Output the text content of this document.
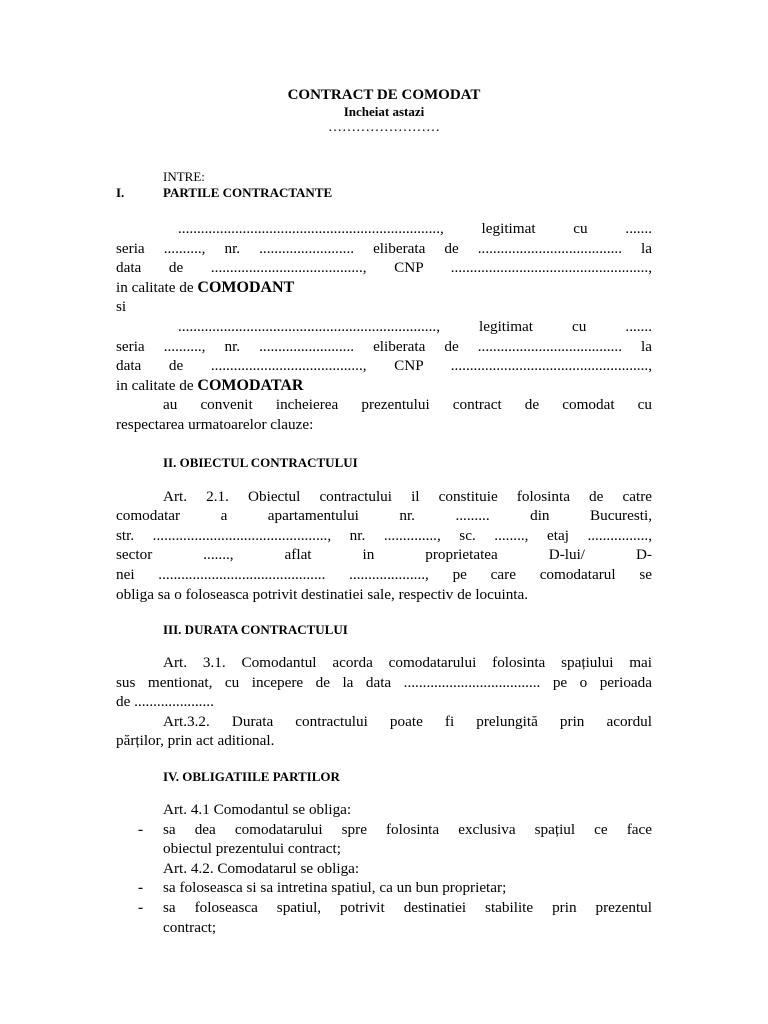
CONTRACT DE COMODAT
Incheiat astazi
……………………
INTRE:
I.	PARTILE CONTRACTANTE

....................................................................., legitimat cu .......

seria .........., nr. ......................... eliberata de ...................................... la

data de ........................................, CNP ....................................................,

in calitate de COMODANT

si

...................................................................., legitimat cu .......

seria .........., nr. ......................... eliberata de ...................................... la

data de ........................................, CNP ....................................................,

in calitate de COMODATAR

au convenit incheierea prezentului contract de comodat cu

respectarea urmatoarelor clauze:

II. OBIECTUL CONTRACTULUI

Art. 2.1. Obiectul contractului il constituie folosinta de catre

comodatar a apartamentului nr. ......... din Bucuresti,

str. .............................................., nr. .............., sc. ........, etaj ................,

sector ......., aflat in proprietatea D-lui/ D-

nei ............................................ ...................., pe care comodatarul se

obliga sa o foloseasca potrivit destinatiei sale, respectiv de locuinta.

III. DURATA CONTRACTULUI

Art. 3.1. Comodantul acorda comodatarului folosinta spațiului mai

sus mentionat, cu incepere de la data .................................... pe o perioada

de .....................

Art.3.2. Durata contractului poate fi prelungită prin acordul

părților, prin act aditional.

IV. OBLIGATIILE PARTILOR

Art. 4.1 Comodantul se obliga:

- sa dea comodatarului spre folosinta exclusiva spațiul ce face
obiectul prezentului contract;

Art. 4.2. Comodatarul se obliga:

- sa foloseasca si sa intretina spatiul, ca un bun proprietar;
- sa foloseasca spatiul, potrivit destinatiei stabilite prin prezentul
contract;
